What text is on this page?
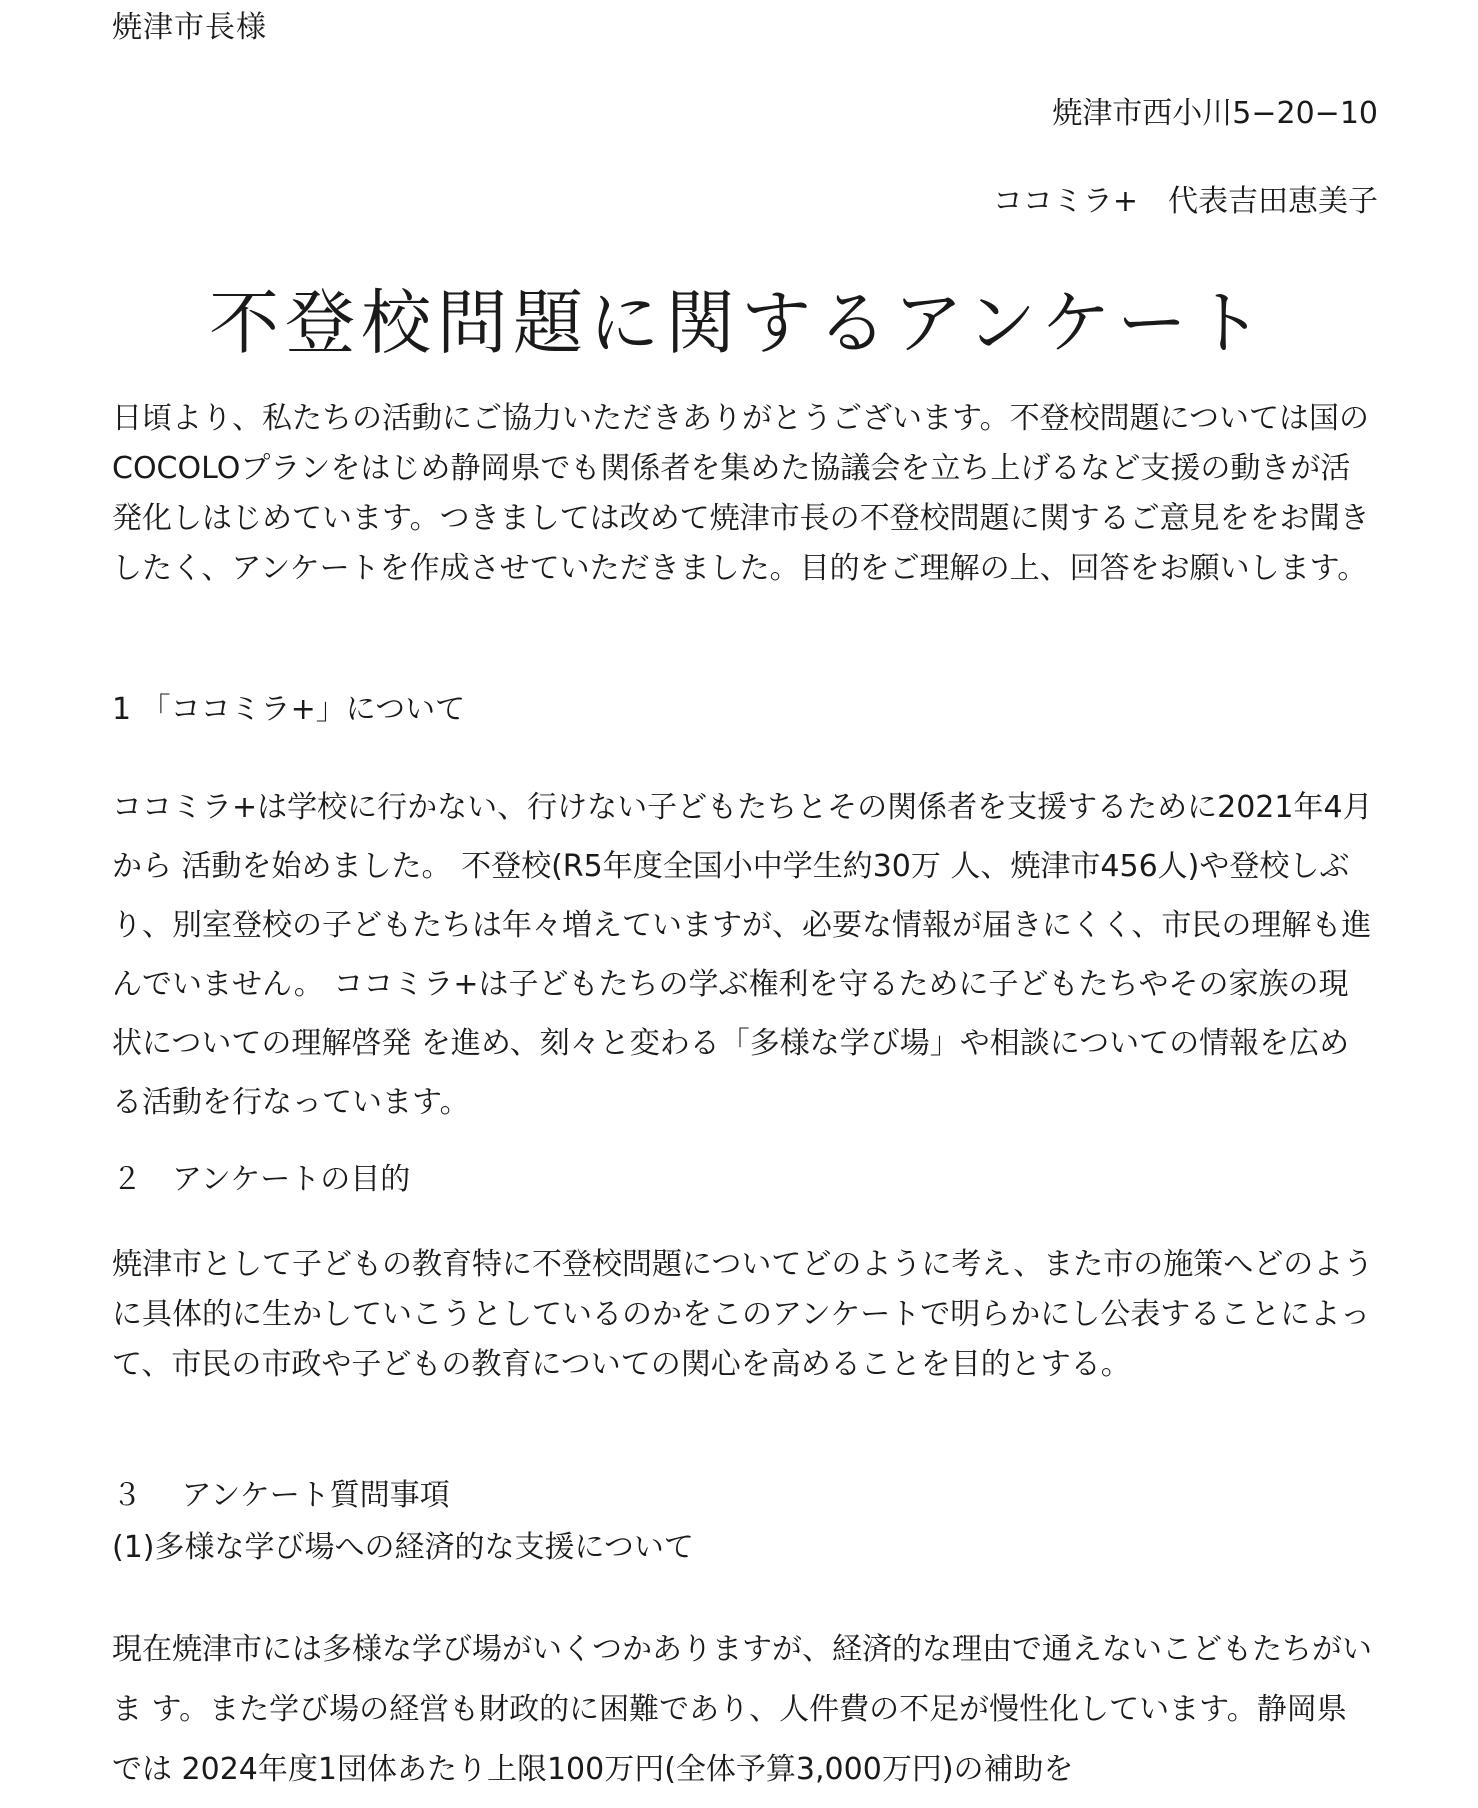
焼津市長様
焼津市西小川5−20−10
ココミラ+　代表吉田恵美子
不登校問題に関するアンケート

日頃より、私たちの活動にご協力いただきありがとうございます。不登校問題については国のCOCOLOプランをはじめ静岡県でも関係者を集めた協議会を立ち上げるなど支援の動きが活発化しはじめています。つきましては改めて焼津市長の不登校問題に関するご意見ををお聞きしたく、アンケートを作成させていただきました。目的をご理解の上、回答をお願いします。

1 「ココミラ+」について

ココミラ+は学校に行かない、行けない子どもたちとその関係者を支援するために2021年4月から 活動を始めました。 不登校(R5年度全国小中学生約30万 人、焼津市456人)や登校しぶり、別室登校の子どもたちは年々増えていますが、必要な情報が届きにくく、市民の理解も進んでいません。 ココミラ+は子どもたちの学ぶ権利を守るために子どもたちやその家族の現状についての理解啓発 を進め、刻々と変わる「多様な学び場」や相談についての情報を広める活動を行なっています。

２　アンケートの目的

焼津市として子どもの教育特に不登校問題についてどのように考え、また市の施策へどのように具体的に生かしていこうとしているのかをこのアンケートで明らかにし公表することによって、市民の市政や子どもの教育についての関心を高めることを目的とする。

３　 アンケート質問事項
(1)多様な学び場への経済的な支援について

現在焼津市には多様な学び場がいくつかありますが、経済的な理由で通えないこどもたちがいま す。また学び場の経営も財政的に困難であり、人件費の不足が慢性化しています。静岡県では 2024年度1団体あたり上限100万円(全体予算3,000万円)の補助を
